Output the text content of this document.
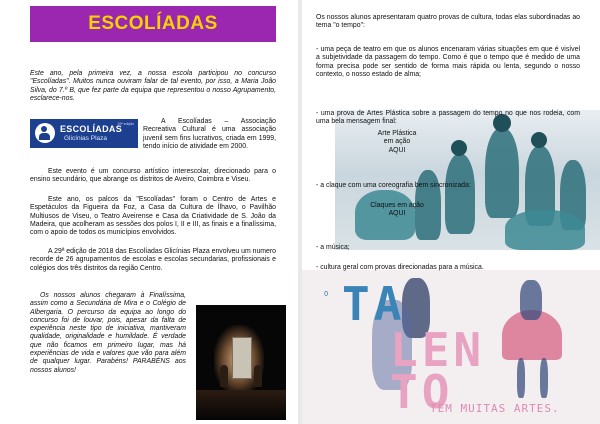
ESCOLÍADAS
Este ano, pela primeira vez, a nossa escola participou no concurso "Escolíadas". Muitos nunca ouviram falar de tal evento, por isso, a Maria João Silva, do 7.º B, que fez parte da equipa que representou o nosso Agrupamento, esclarece-nos.
ESCOLÍADAS
Glicínias Plaza
29ª edição	A Escolíadas – Associação Recreativa Cultural é uma associação juvenil sem fins lucrativos, criada em 1999, tendo início de atividade em 2000.
Este evento é um concurso artístico interescolar, direcionado para o ensino secundário, que abrange os distritos de Aveiro, Coimbra e Viseu.
Este ano, os palcos da "Escolíadas" foram o Centro de Artes e Espetáculos da Figueira da Foz, a Casa da Cultura de Ílhavo, o Pavilhão Multiusos de Viseu, o Teatro Aveirense e Casa da Criatividade de S. João da Madeira, que acolheram as sessões dos polos I, II e III, as finais e a finalíssima, com o apoio de todos os municípios envolvidos.
A 29ª edição de 2018 das Escolíadas Glicínias Plaza envolveu um numero recorde de 26 agrupamentos de escolas e escolas secundarias, profissionais e colégios dos três distritos da região Centro.
Os nossos alunos chegaram à Finalíssima, assim como a Secundária de Mira e o Colégio de Albergaria. O percurso da equipa ao longo do concurso foi de louvar, pois, apesar da falta de experiência neste tipo de iniciativa, mantiveram qualidade, originalidade e humildade. É verdade que não ficamos em primeiro lugar, mas há experiências de vida e valores que vão para além de qualquer lugar. Parabéns! PARABÉNS aos nossos alunos!
O TA
LEN
TO
TEM MUITAS ARTES.
Os nossos alunos apresentaram quatro provas de cultura, todas elas subordinadas ao tema "o tempo":
- uma peça de teatro em que os alunos encenaram várias situações em que é visível a subjetividade da passagem do tempo. Como é que o tempo que é medido de uma forma precisa pode ser sentido de forma mais rápida ou lenta, segundo o nosso contexto, o nosso estado de alma;
- uma prova de Artes Plástica sobre a passagem do tempo no que nos rodeia, com uma bela mensagem final:
Arte Plástica
em ação
AQUI
- a claque com uma coreografia bem sincronizada:
Claques em ação
AQUI
- a música;
- cultura geral com provas direcionadas para a música.
